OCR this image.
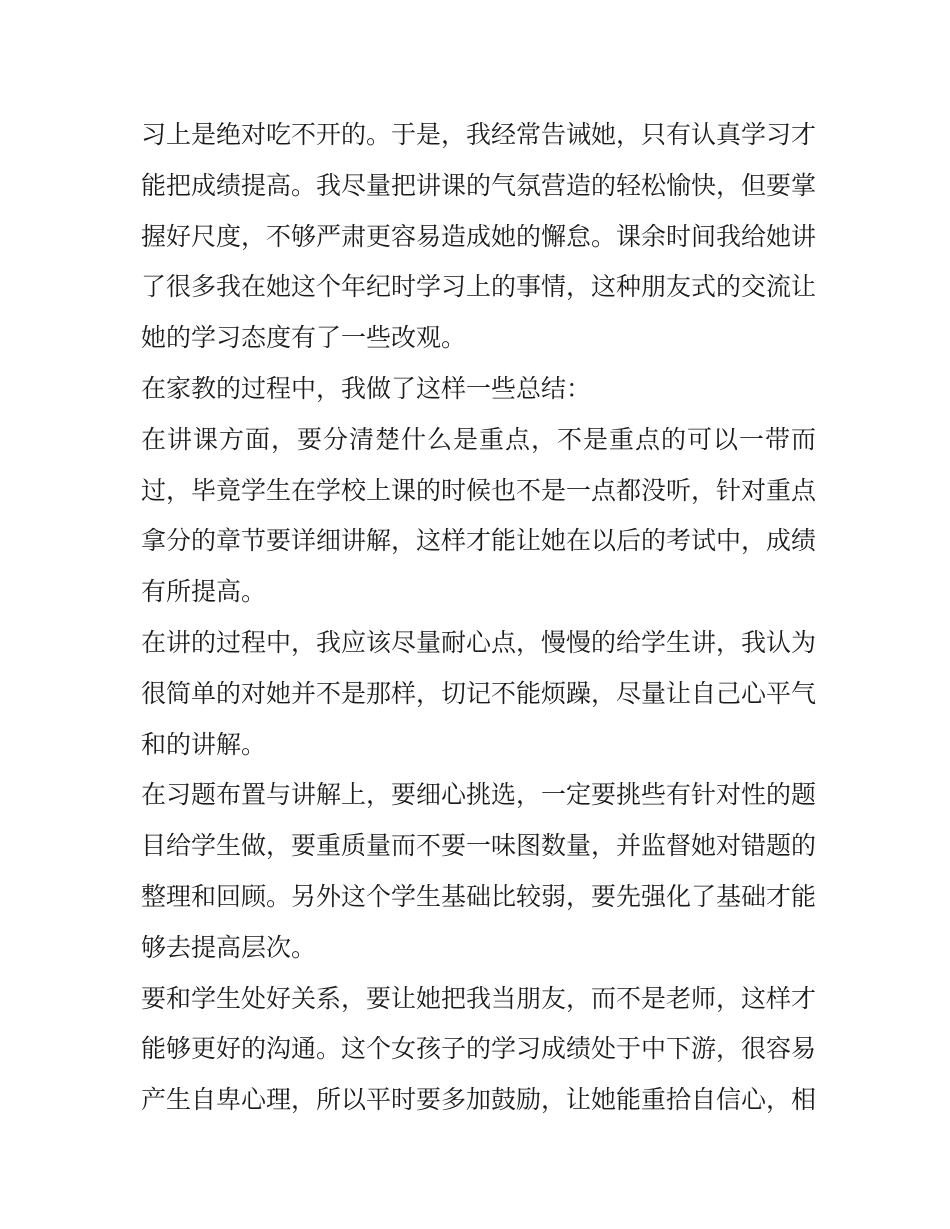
习上是绝对吃不开的。于是，我经常告诫她，只有认真学习才能把成绩提高。我尽量把讲课的气氛营造的轻松愉快，但要掌握好尺度，不够严肃更容易造成她的懈怠。课余时间我给她讲了很多我在她这个年纪时学习上的事情，这种朋友式的交流让她的学习态度有了一些改观。

在家教的过程中，我做了这样一些总结：

在讲课方面，要分清楚什么是重点，不是重点的可以一带而过，毕竟学生在学校上课的时候也不是一点都没听，针对重点拿分的章节要详细讲解，这样才能让她在以后的考试中，成绩有所提高。

在讲的过程中，我应该尽量耐心点，慢慢的给学生讲，我认为很简单的对她并不是那样，切记不能烦躁，尽量让自己心平气和的讲解。

在习题布置与讲解上，要细心挑选，一定要挑些有针对性的题目给学生做，要重质量而不要一味图数量，并监督她对错题的整理和回顾。另外这个学生基础比较弱，要先强化了基础才能够去提高层次。

要和学生处好关系，要让她把我当朋友，而不是老师，这样才能够更好的沟通。这个女孩子的学习成绩处于中下游，很容易产生自卑心理，所以平时要多加鼓励，让她能重拾自信心，相
